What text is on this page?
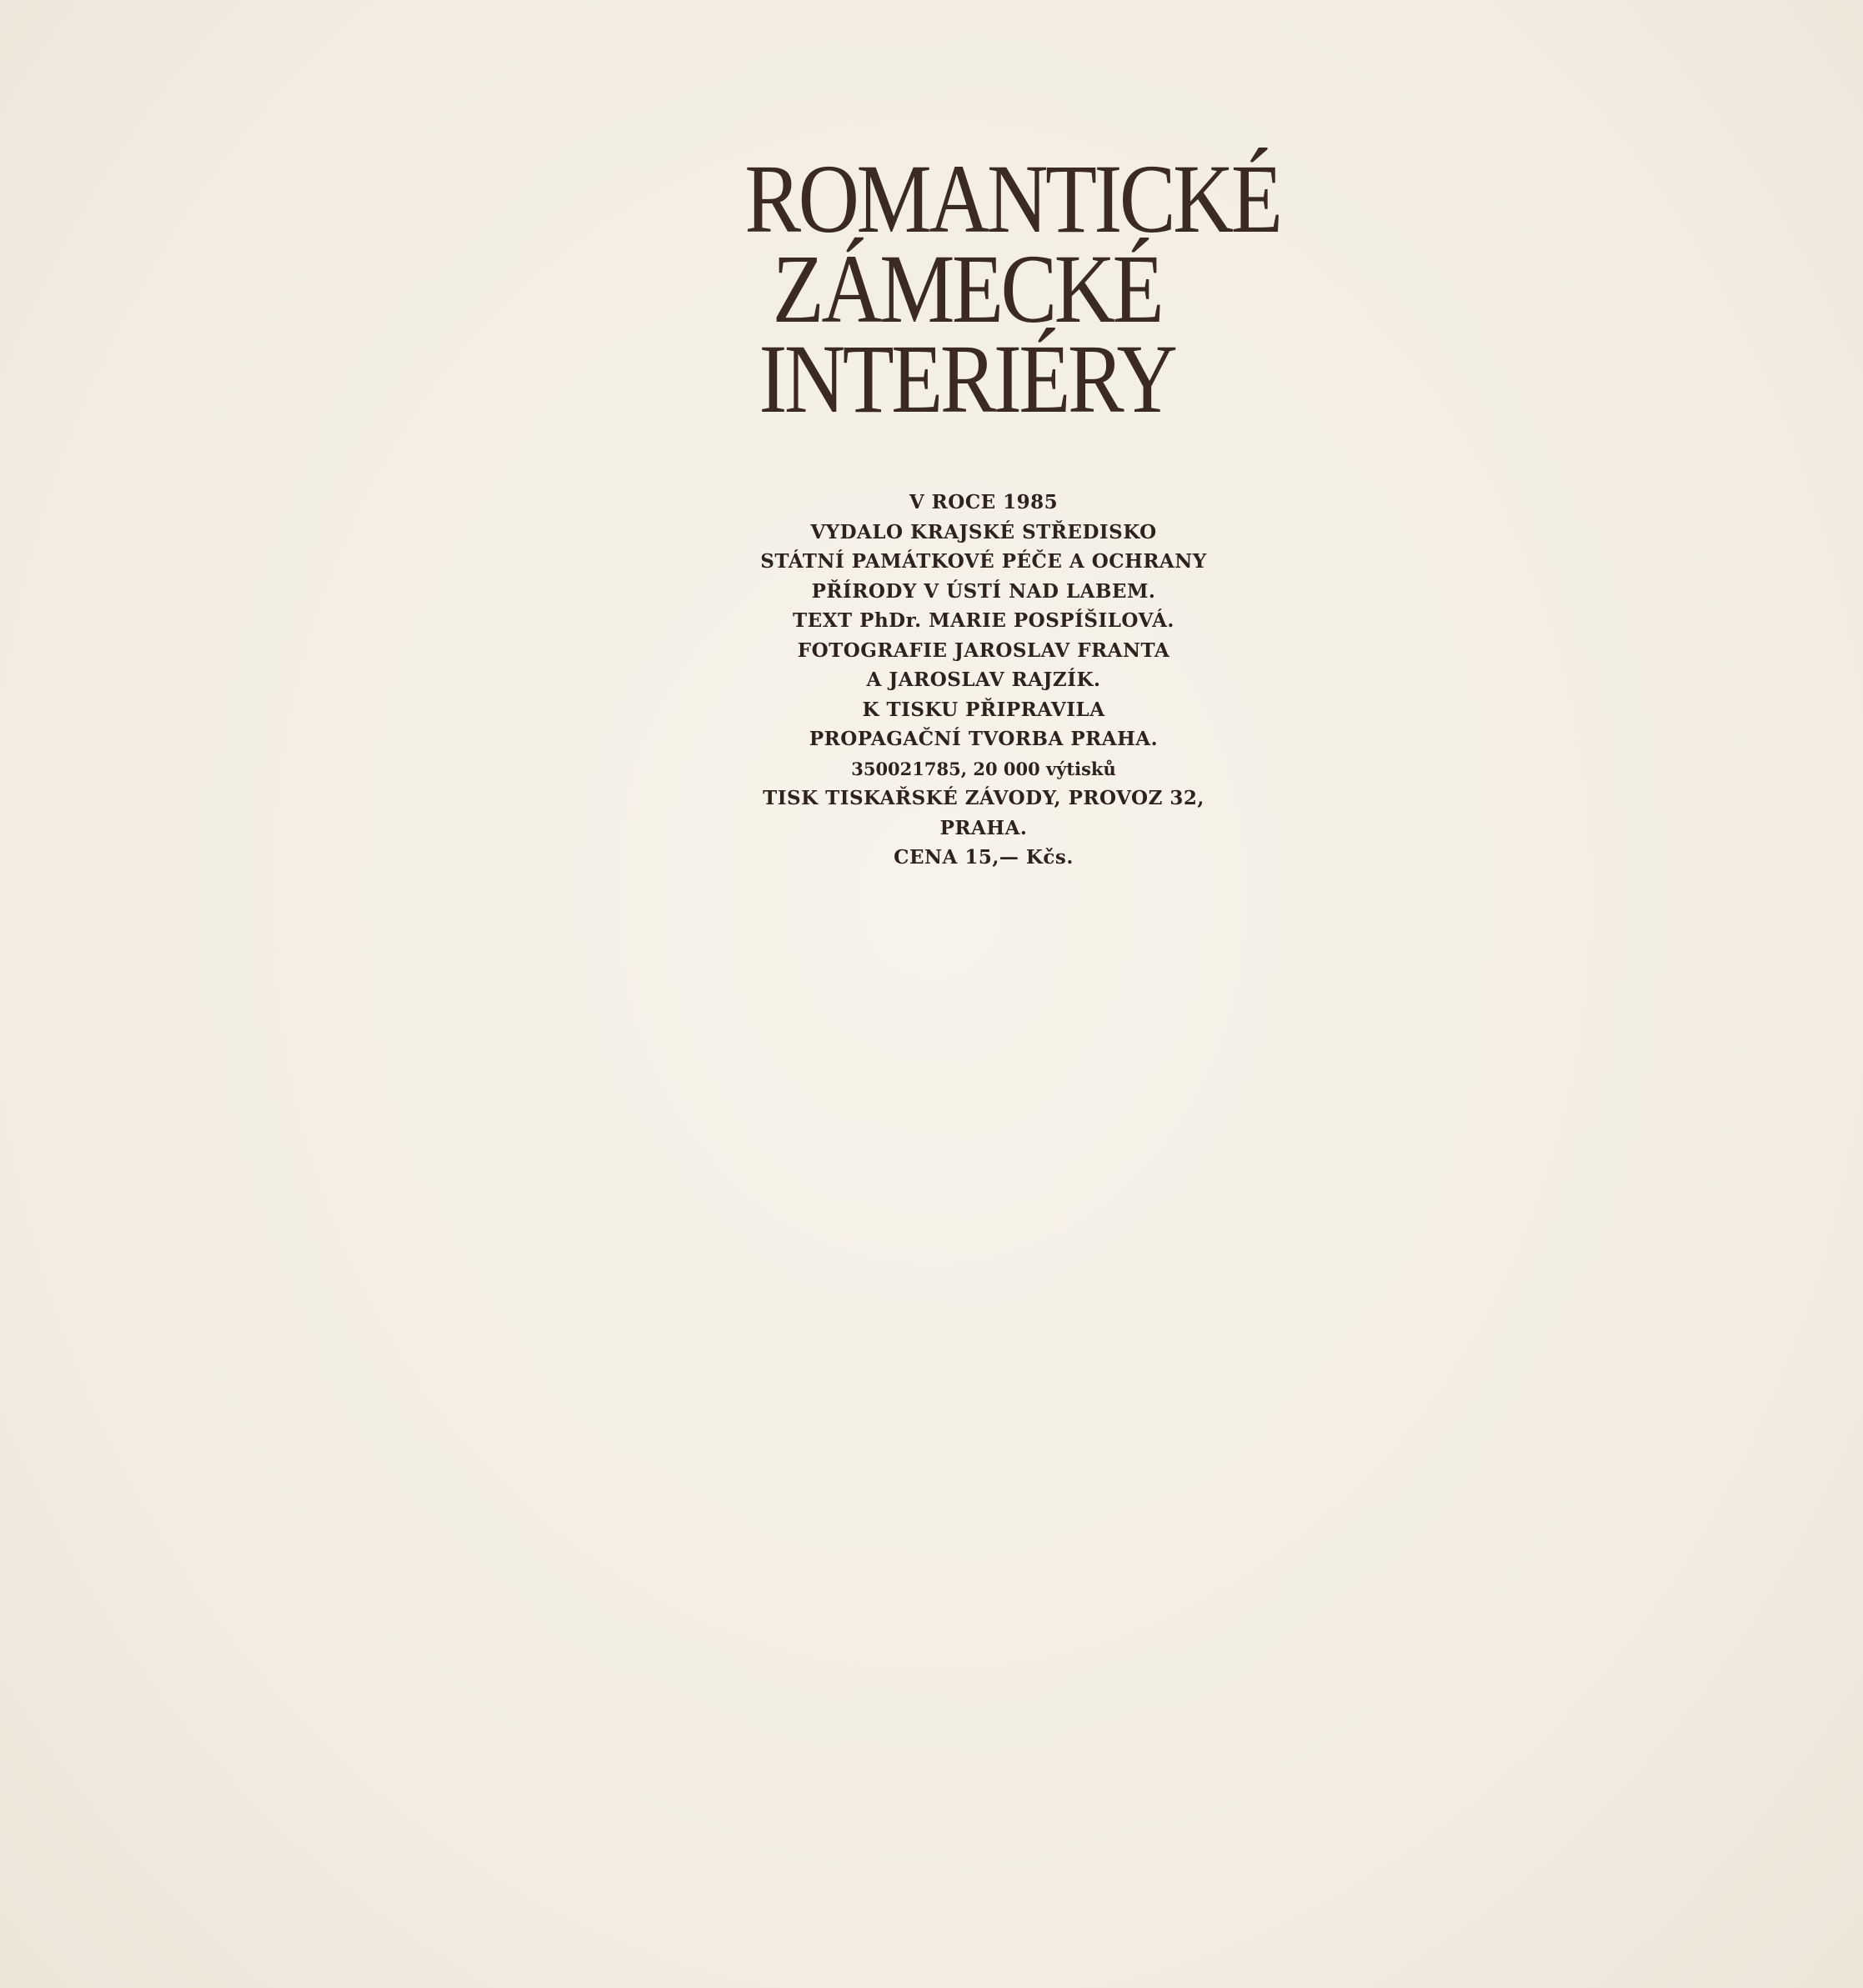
ROMANTICKÉ
ZÁMECKÉ
INTERIÉRY
V ROCE 1985
VYDALO KRAJSKÉ STŘEDISKO
STÁTNÍ PAMÁTKOVÉ PÉČE A OCHRANY
PŘÍRODY V ÚSTÍ NAD LABEM.
TEXT PhDr. MARIE POSPÍŠILOVÁ.
FOTOGRAFIE JAROSLAV FRANTA
A JAROSLAV RAJZÍK.
K TISKU PŘIPRAVILA
PROPAGAČNÍ TVORBA PRAHA.
350021785, 20 000 výtisků
TISK TISKAŘSKÉ ZÁVODY, PROVOZ 32,
PRAHA.
CENA 15,— Kčs.
